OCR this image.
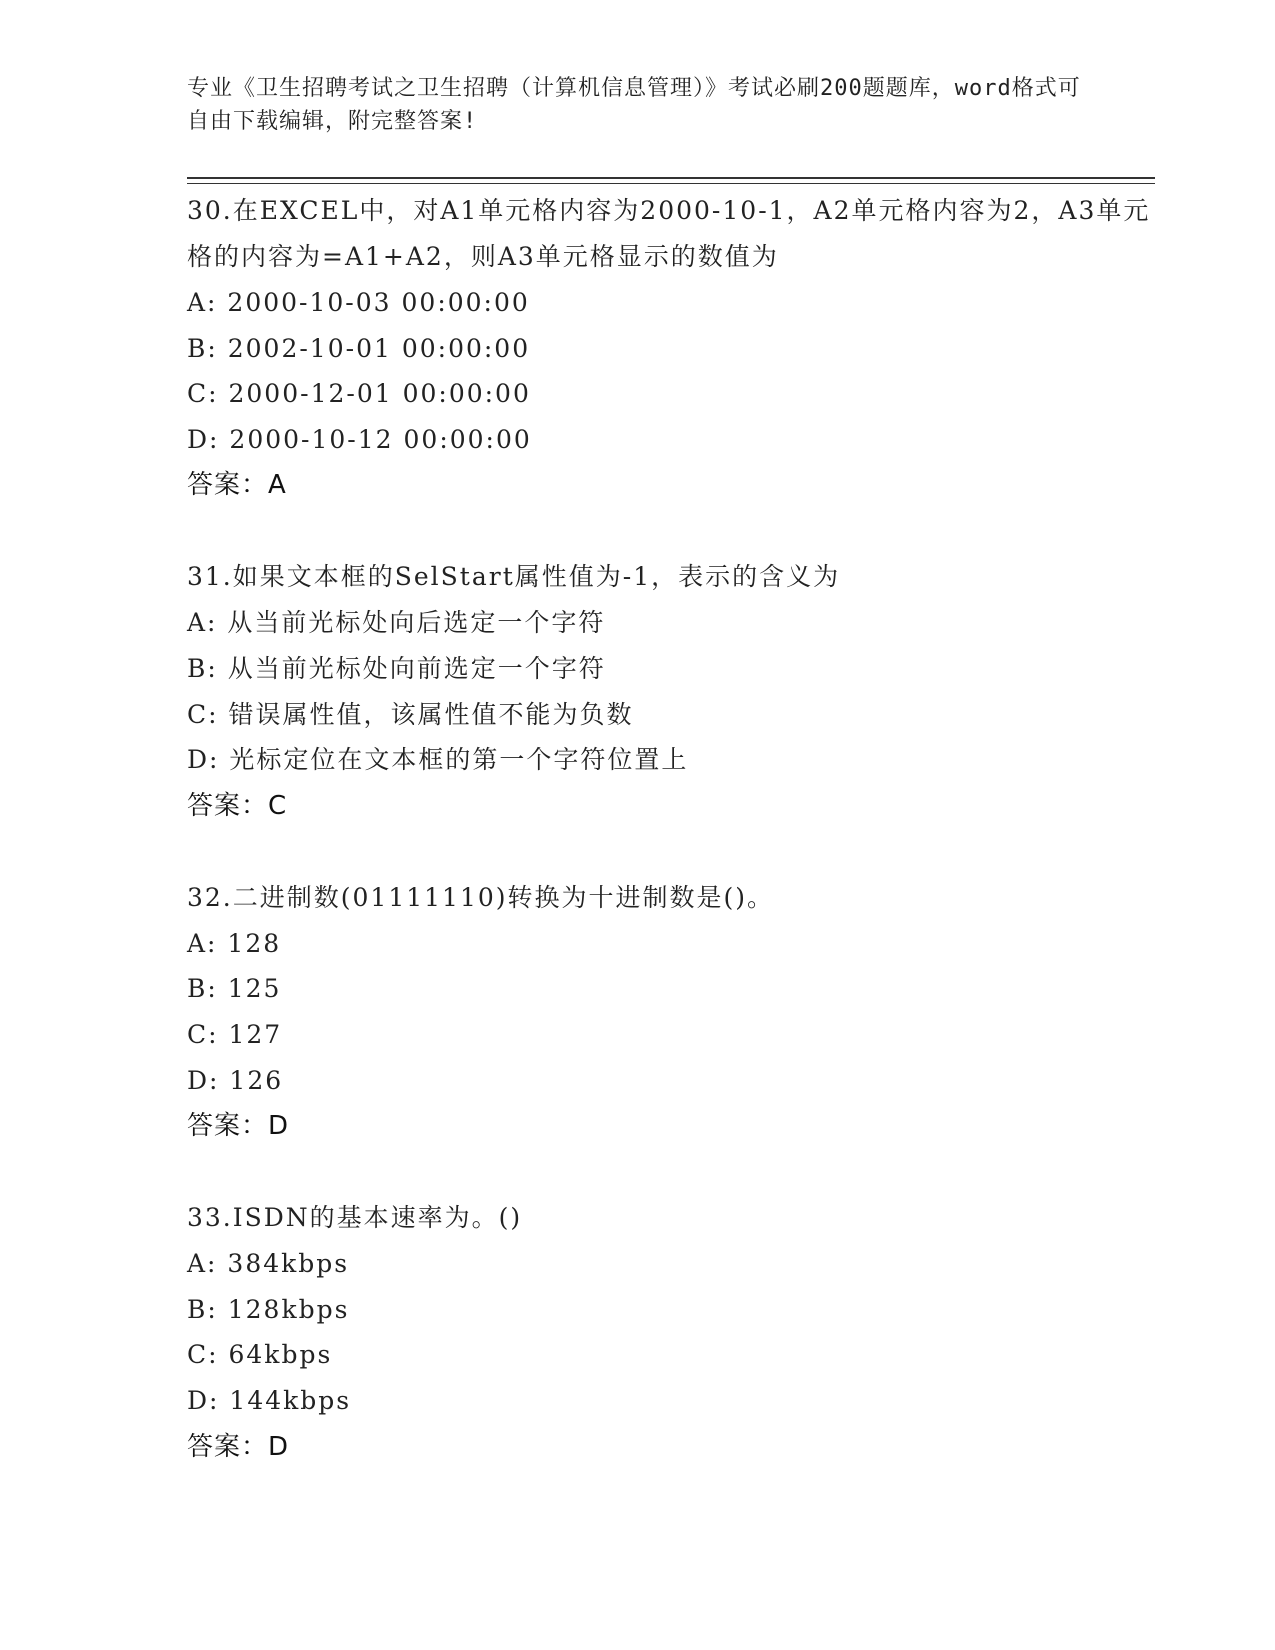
专业《卫生招聘考试之卫生招聘（计算机信息管理）》考试必刷200题题库，word格式可自由下载编辑，附完整答案!
30.在EXCEL中，对A1单元格内容为2000-10-1，A2单元格内容为2，A3单元格的内容为=A1+A2，则A3单元格显示的数值为
A: 2000-10-03 00:00:00
B: 2002-10-01 00:00:00
C: 2000-12-01 00:00:00
D: 2000-10-12 00:00:00
答案：A
31.如果文本框的SelStart属性值为-1，表示的含义为
A: 从当前光标处向后选定一个字符
B: 从当前光标处向前选定一个字符
C: 错误属性值，该属性值不能为负数
D: 光标定位在文本框的第一个字符位置上
答案：C
32.二进制数(01111110)转换为十进制数是()。
A: 128
B: 125
C: 127
D: 126
答案：D
33.ISDN的基本速率为。()
A: 384kbps
B: 128kbps
C: 64kbps
D: 144kbps
答案：D
